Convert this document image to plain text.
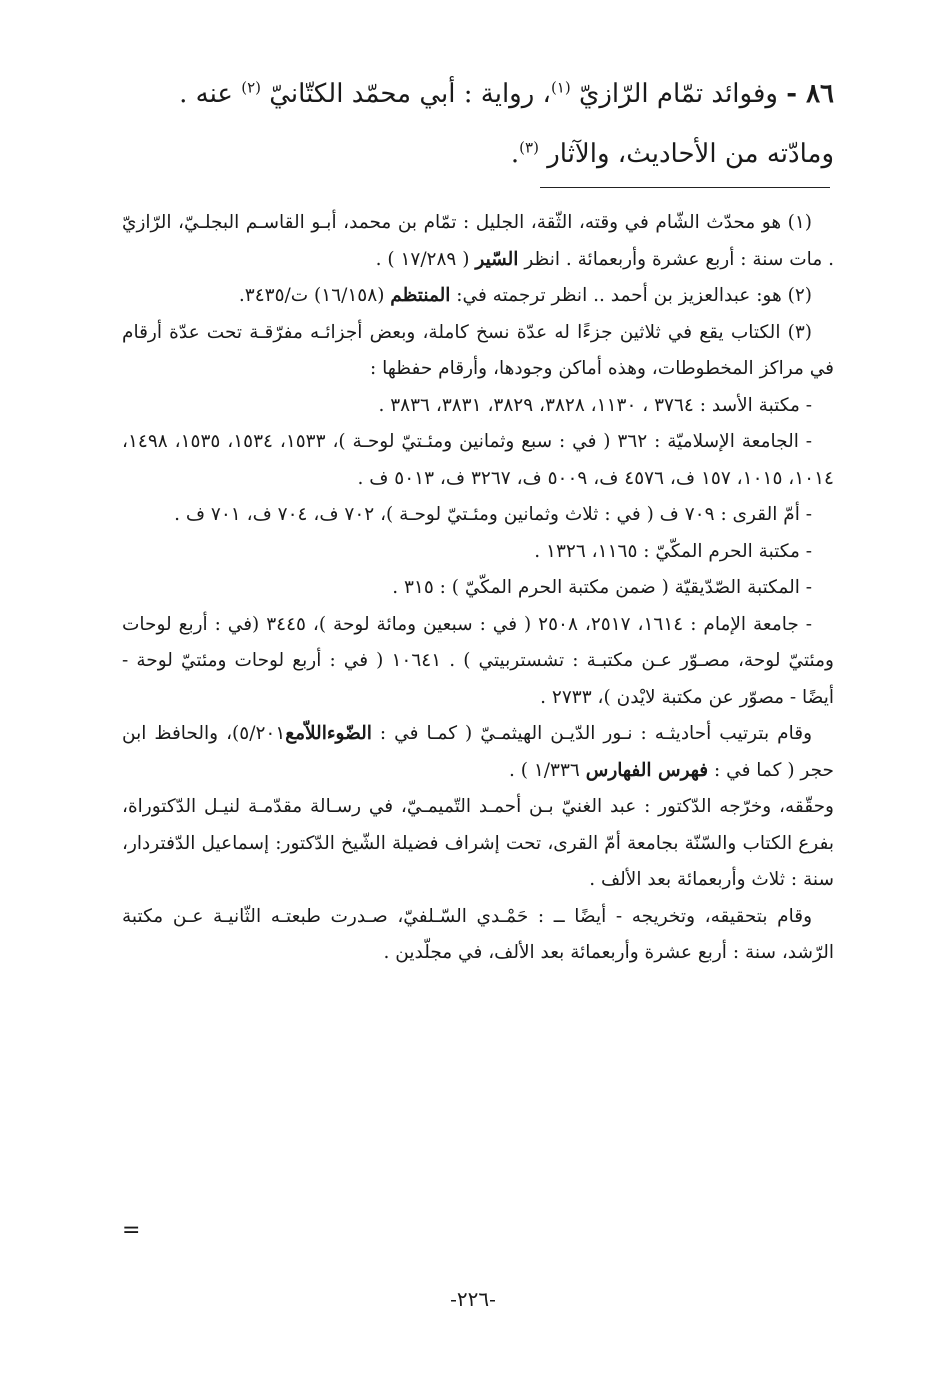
٨٦ - وفوائد تمّام الرّازيّ $^{(١)}$، رواية : أبي محمّد الكتّانيّ $^{(٢)}$ عنه .
ومادّته من الأحاديث، والآثار $^{(٣)}$.

(١) هو محدّث الشّام في وقته، الثّقة، الجليل : تمّام بن محمد، أبـو القاسـم البجلـيّ، الرّازيّ . مات سنة : أربع عشرة وأربعمائة . انظر السّير ( ١٧/٢٨٩ ) .

(٢) هو: عبدالعزيز بن أحمد .. انظر ترجمته في: المنتظم (١٦/١٥٨) ت/٣٤٣٥.

(٣) الكتاب يقع في ثلاثين جزءًا له عدّة نسخ كاملة، وبعض أجزائـه مفرّقـة تحت عدّة أرقام في مراكز المخطوطات، وهذه أماكن وجودها، وأرقام حفظها :

- مكتبة الأسد : ٣٧٦٤ ، ١١٣٠، ٣٨٢٨، ٣٨٢٩، ٣٨٣١، ٣٨٣٦ .

- الجامعة الإسلاميّة : ٣٦٢ ( في : سبع وثمانين ومئـتيّ لوحـة )، ١٥٣٣، ١٥٣٤، ١٥٣٥، ١٤٩٨، ١٠١٤، ١٠١٥، ١٥٧ ف، ٤٥٧٦ ف، ٥٠٠٩ ف، ٣٢٦٧ ف، ٥٠١٣ ف .

- أمّ القرى : ٧٠٩ ف ( في : ثلاث وثمانين ومئـتيّ لوحـة )، ٧٠٢ ف، ٧٠٤ ف، ٧٠١ ف .

- مكتبة الحرم المكّيّ : ١١٦٥، ١٣٢٦ .

- المكتبة الصّدّيقيّة ( ضمن مكتبة الحرم المكّيّ ) : ٣١٥ .

- جامعة الإمام : ١٦١٤، ٢٥١٧، ٢٥٠٨ ( في : سبعين ومائة لوحة )، ٣٤٤٥ (في : أربع لوحات ومئتيّ لوحة، مصـوّر عـن مكتبـة : تشستربيتي ) . ١٠٦٤١ ( في : أربع لوحات ومئتيّ لوحة - أيضًا - مصوّر عن مكتبة لايْدن )، ٢٧٣٣ .

وقام بترتيب أحاديثـه : نـور الدّيـن الهيثمـيّ ( كمـا في : الضّوءاللاّمع٥/٢٠١)، والحافظ ابن حجر ( كما في : فهرس الفهارس ١/٣٣٦ ) .

وحقّقه، وخرّجه الدّكتور : عبد الغنيّ بـن أحمـد التّميمـيّ، في رسـالة مقدّمـة لنيـل الدّكتوراة، بفرع الكتاب والسّنّة بجامعة أمّ القرى، تحت إشراف فضيلة الشّيخ الدّكتور: إسماعيل الدّفتردار، سنة : ثلاث وأربعمائة بعد الألف .

وقام بتحقيقه، وتخريجه - أيضًا ــ : حَمْـدي السّـلفيّ، صـدرت طبعتـه الثّانيـة عـن مكتبة الرّشد، سنة : أربع عشرة وأربعمائة بعد الألف، في مجلّدين .

=
-٢٢٦-
